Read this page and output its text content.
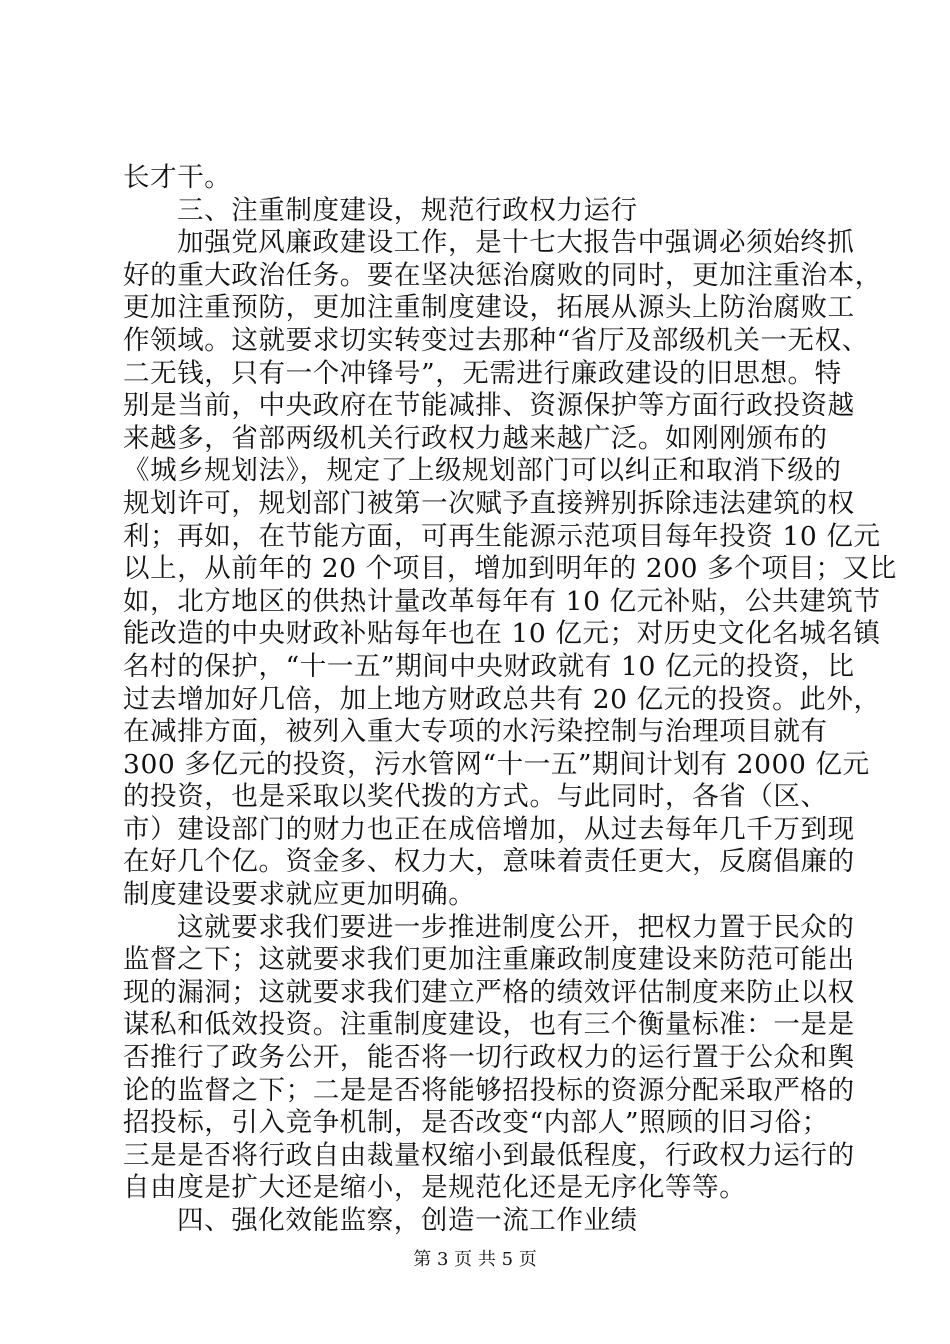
长才干。
三、注重制度建设，规范行政权力运行
加强党风廉政建设工作，是十七大报告中强调必须始终抓
好的重大政治任务。要在坚决惩治腐败的同时，更加注重治本，
更加注重预防，更加注重制度建设，拓展从源头上防治腐败工
作领域。这就要求切实转变过去那种“省厅及部级机关一无权、
二无钱，只有一个冲锋号”，无需进行廉政建设的旧思想。特
别是当前，中央政府在节能减排、资源保护等方面行政投资越
来越多，省部两级机关行政权力越来越广泛。如刚刚颁布的
《城乡规划法》，规定了上级规划部门可以纠正和取消下级的
规划许可，规划部门被第一次赋予直接辨别拆除违法建筑的权
利；再如，在节能方面，可再生能源示范项目每年投资 10 亿元
以上，从前年的 20 个项目，增加到明年的 200 多个项目；又比
如，北方地区的供热计量改革每年有 10 亿元补贴，公共建筑节
能改造的中央财政补贴每年也在 10 亿元；对历史文化名城名镇
名村的保护，“十一五”期间中央财政就有 10 亿元的投资，比
过去增加好几倍，加上地方财政总共有 20 亿元的投资。此外，
在减排方面，被列入重大专项的水污染控制与治理项目就有
300 多亿元的投资，污水管网“十一五”期间计划有 2000 亿元
的投资，也是采取以奖代拨的方式。与此同时，各省（区、
市）建设部门的财力也正在成倍增加，从过去每年几千万到现
在好几个亿。资金多、权力大，意味着责任更大，反腐倡廉的
制度建设要求就应更加明确。
这就要求我们要进一步推进制度公开，把权力置于民众的
监督之下；这就要求我们更加注重廉政制度建设来防范可能出
现的漏洞；这就要求我们建立严格的绩效评估制度来防止以权
谋私和低效投资。注重制度建设，也有三个衡量标准：一是是
否推行了政务公开，能否将一切行政权力的运行置于公众和舆
论的监督之下；二是是否将能够招投标的资源分配采取严格的
招投标，引入竞争机制，是否改变“内部人”照顾的旧习俗；
三是是否将行政自由裁量权缩小到最低程度，行政权力运行的
自由度是扩大还是缩小，是规范化还是无序化等等。
四、强化效能监察，创造一流工作业绩
第 3 页 共 5 页
